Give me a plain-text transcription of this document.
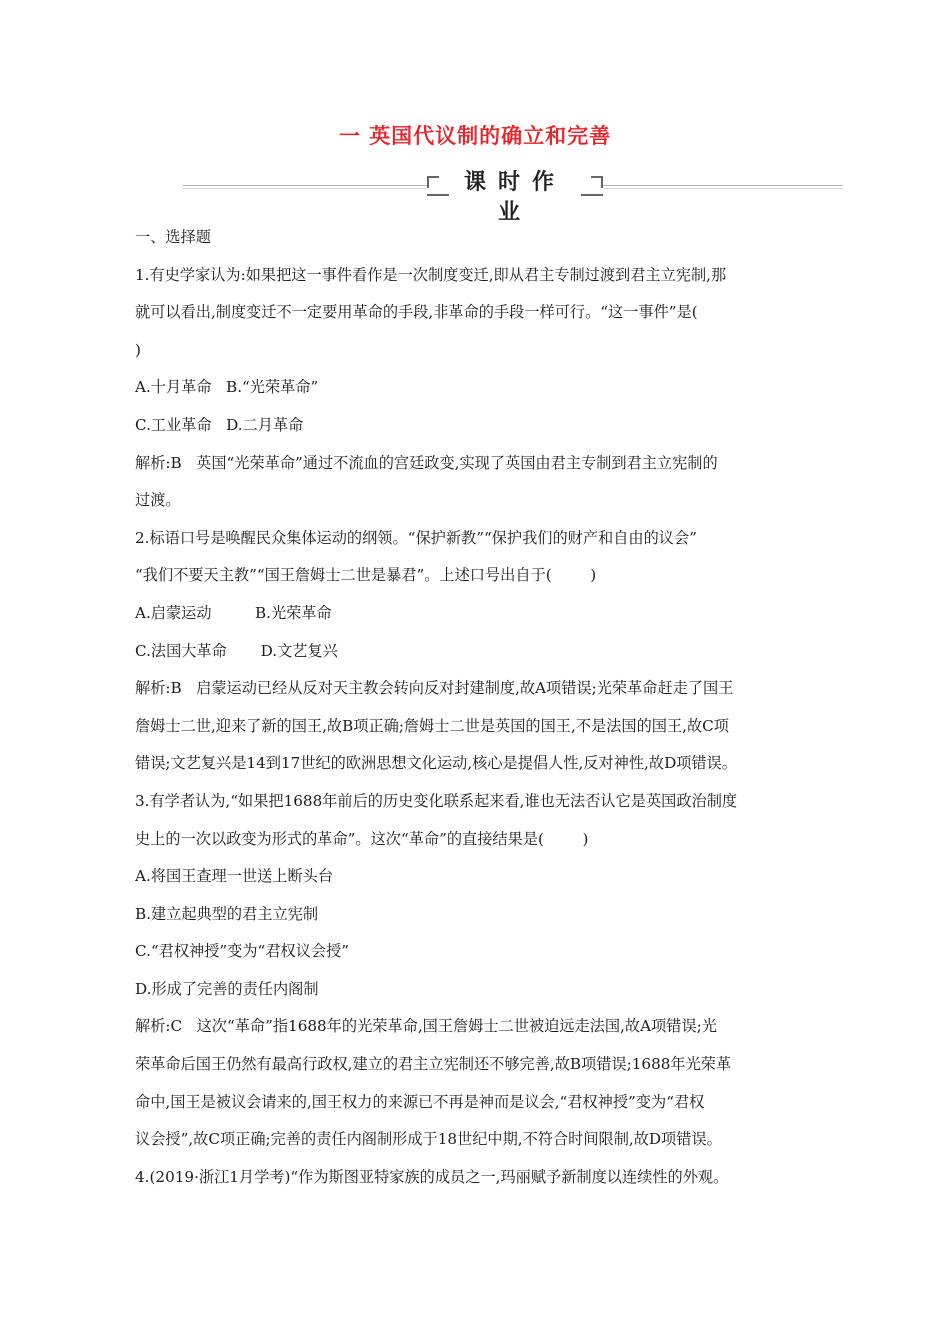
一 英国代议制的确立和完善
课时作业

一、选择题

1.有史学家认为:如果把这一事件看作是一次制度变迁,即从君主专制过渡到君主立宪制,那

就可以看出,制度变迁不一定要用革命的手段,非革命的手段一样可行。“这一事件”是(

)

A.十月革命   B.“光荣革命”

C.工业革命   D.二月革命

解析:B   英国“光荣革命”通过不流血的宫廷政变,实现了英国由君主专制到君主立宪制的

过渡。

2.标语口号是唤醒民众集体运动的纲领。“保护新教”“保护我们的财产和自由的议会”

“我们不要天主教”“国王詹姆士二世是暴君”。上述口号出自于(        )

A.启蒙运动         B.光荣革命

C.法国大革命       D.文艺复兴

解析:B   启蒙运动已经从反对天主教会转向反对封建制度,故A项错误;光荣革命赶走了国王

詹姆士二世,迎来了新的国王,故B项正确;詹姆士二世是英国的国王,不是法国的国王,故C项

错误;文艺复兴是14到17世纪的欧洲思想文化运动,核心是提倡人性,反对神性,故D项错误。

3.有学者认为,“如果把1688年前后的历史变化联系起来看,谁也无法否认它是英国政治制度

史上的一次以政变为形式的革命”。这次“革命”的直接结果是(        )

A.将国王查理一世送上断头台

B.建立起典型的君主立宪制

C.“君权神授”变为“君权议会授”

D.形成了完善的责任内阁制

解析:C   这次“革命”指1688年的光荣革命,国王詹姆士二世被迫远走法国,故A项错误;光

荣革命后国王仍然有最高行政权,建立的君主立宪制还不够完善,故B项错误;1688年光荣革

命中,国王是被议会请来的,国王权力的来源已不再是神而是议会,“君权神授”变为“君权

议会授”,故C项正确;完善的责任内阁制形成于18世纪中期,不符合时间限制,故D项错误。

4.(2019·浙江1月学考)“作为斯图亚特家族的成员之一,玛丽赋予新制度以连续性的外观。
